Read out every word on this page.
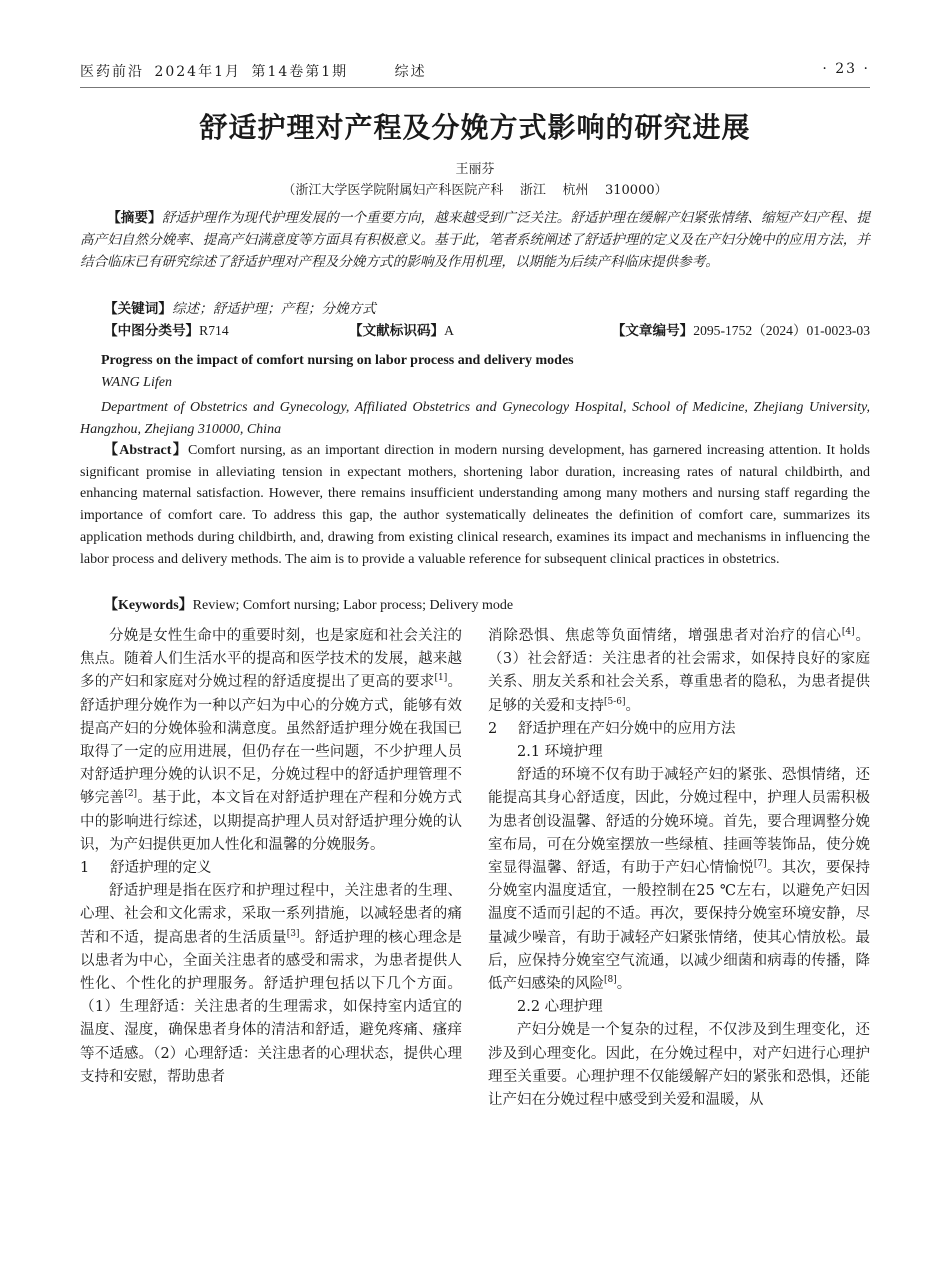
医药前沿 2024年1月 第14卷第1期	综述	· 23 ·
舒适护理对产程及分娩方式影响的研究进展
王丽芬
（浙江大学医学院附属妇产科医院产科    浙江    杭州    310000）
【摘要】舒适护理作为现代护理发展的一个重要方向，越来越受到广泛关注。舒适护理在缓解产妇紧张情绪、缩短产妇产程、提高产妇自然分娩率、提高产妇满意度等方面具有积极意义。基于此，笔者系统阐述了舒适护理的定义及在产妇分娩中的应用方法，并结合临床已有研究综述了舒适护理对产程及分娩方式的影响及作用机理，以期能为后续产科临床提供参考。
【关键词】综述；舒适护理；产程；分娩方式
【中图分类号】R714	【文献标识码】A	【文章编号】2095-1752（2024）01-0023-03
Progress on the impact of comfort nursing on labor process and delivery modes
WANG Lifen
Department of Obstetrics and Gynecology, Affiliated Obstetrics and Gynecology Hospital, School of Medicine, Zhejiang University, Hangzhou, Zhejiang 310000, China
【Abstract】Comfort nursing, as an important direction in modern nursing development, has garnered increasing attention. It holds significant promise in alleviating tension in expectant mothers, shortening labor duration, increasing rates of natural childbirth, and enhancing maternal satisfaction. However, there remains insufficient understanding among many mothers and nursing staff regarding the importance of comfort care. To address this gap, the author systematically delineates the definition of comfort care, summarizes its application methods during childbirth, and, drawing from existing clinical research, examines its impact and mechanisms in influencing the labor process and delivery methods. The aim is to provide a valuable reference for subsequent clinical practices in obstetrics.
【Keywords】Review; Comfort nursing; Labor process; Delivery mode

分娩是女性生命中的重要时刻，也是家庭和社会关注的焦点。随着人们生活水平的提高和医学技术的发展，越来越多的产妇和家庭对分娩过程的舒适度提出了更高的要求[1]。舒适护理分娩作为一种以产妇为中心的分娩方式，能够有效提高产妇的分娩体验和满意度。虽然舒适护理分娩在我国已取得了一定的应用进展，但仍存在一些问题，不少护理人员对舒适护理分娩的认识不足，分娩过程中的舒适护理管理不够完善[2]。基于此，本文旨在对舒适护理在产程和分娩方式中的影响进行综述，以期提高护理人员对舒适护理分娩的认识，为产妇提供更加人性化和温馨的分娩服务。

1 舒适护理的定义

舒适护理是指在医疗和护理过程中，关注患者的生理、心理、社会和文化需求，采取一系列措施，以减轻患者的痛苦和不适，提高患者的生活质量[3]。舒适护理的核心理念是以患者为中心，全面关注患者的感受和需求，为患者提供人性化、个性化的护理服务。舒适护理包括以下几个方面。（1）生理舒适：关注患者的生理需求，如保持室内适宜的温度、湿度，确保患者身体的清洁和舒适，避免疼痛、瘙痒等不适感。（2）心理舒适：关注患者的心理状态，提供心理支持和安慰，帮助患者

消除恐惧、焦虑等负面情绪，增强患者对治疗的信心[4]。（3）社会舒适：关注患者的社会需求，如保持良好的家庭关系、朋友关系和社会关系，尊重患者的隐私，为患者提供足够的关爱和支持[5-6]。

2 舒适护理在产妇分娩中的应用方法

2.1 环境护理

舒适的环境不仅有助于减轻产妇的紧张、恐惧情绪，还能提高其身心舒适度，因此，分娩过程中，护理人员需积极为患者创设温馨、舒适的分娩环境。首先，要合理调整分娩室布局，可在分娩室摆放一些绿植、挂画等装饰品，使分娩室显得温馨、舒适，有助于产妇心情愉悦[7]。其次，要保持分娩室内温度适宜，一般控制在25 ℃左右，以避免产妇因温度不适而引起的不适。再次，要保持分娩室环境安静，尽量减少噪音，有助于减轻产妇紧张情绪，使其心情放松。最后，应保持分娩室空气流通，以减少细菌和病毒的传播，降低产妇感染的风险[8]。

2.2 心理护理

产妇分娩是一个复杂的过程，不仅涉及到生理变化，还涉及到心理变化。因此，在分娩过程中，对产妇进行心理护理至关重要。心理护理不仅能缓解产妇的紧张和恐惧，还能让产妇在分娩过程中感受到关爱和温暖，从
